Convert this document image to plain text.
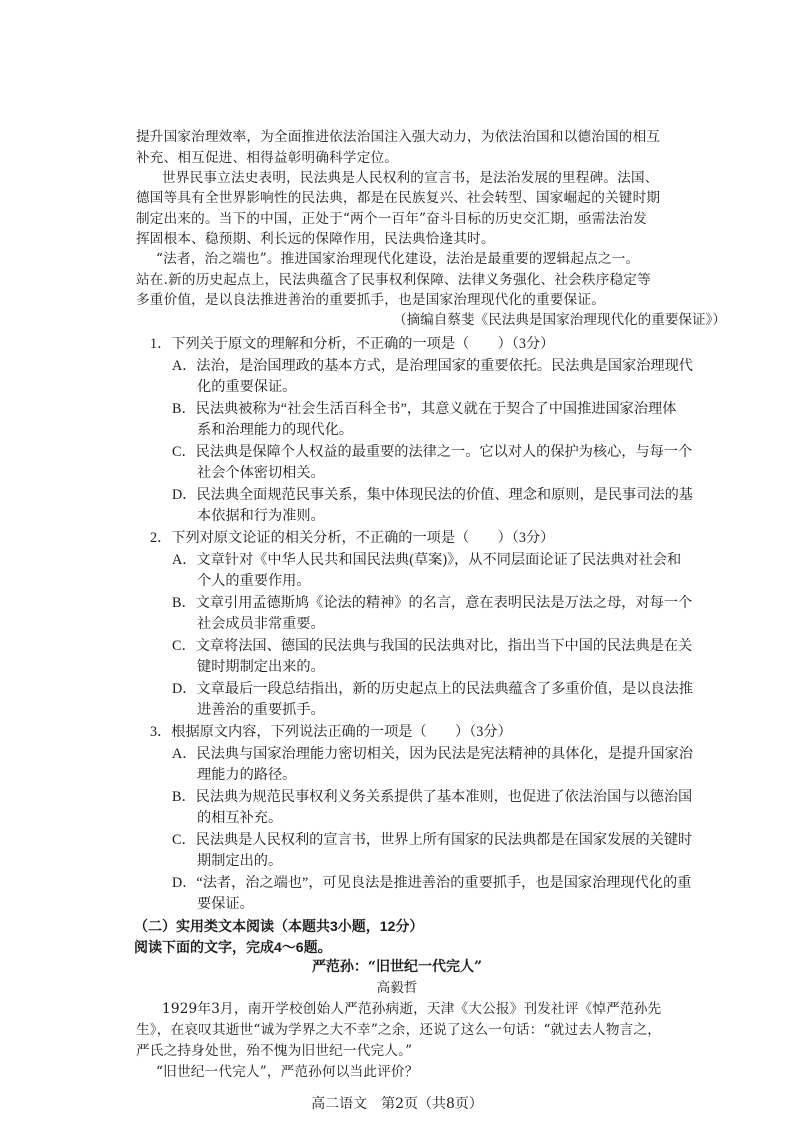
提升国家治理效率，为全面推进依法治国注入强大动力，为依法治国和以德治国的相互
补充、相互促进、相得益彰明确科学定位。
世界民事立法史表明，民法典是人民权利的宣言书，是法治发展的里程碑。法国、
德国等具有全世界影响性的民法典，都是在民族复兴、社会转型、国家崛起的关键时期
制定出来的。当下的中国，正处于“两个一百年”奋斗目标的历史交汇期，亟需法治发
挥固根本、稳预期、利长远的保障作用，民法典恰逢其时。
“法者，治之端也”。推进国家治理现代化建设，法治是最重要的逻辑起点之一。
站在.新的历史起点上，民法典蕴含了民事权利保障、法律义务强化、社会秩序稳定等
多重价值，是以良法推进善治的重要抓手，也是国家治理现代化的重要保证。
（摘编自蔡斐《民法典是国家治理现代化的重要保证》）
1．下列关于原文的理解和分析，不正确的一项是（　　）（3分）
A．法治，是治国理政的基本方式，是治理国家的重要依托。民法典是国家治理现代
化的重要保证。
B．民法典被称为“社会生活百科全书”，其意义就在于契合了中国推进国家治理体
系和治理能力的现代化。
C．民法典是保障个人权益的最重要的法律之一。它以对人的保护为核心，与每一个
社会个体密切相关。
D．民法典全面规范民事关系，集中体现民法的价值、理念和原则，是民事司法的基
本依据和行为准则。
2．下列对原文论证的相关分析，不正确的一项是（　　）（3分）
A．文章针对《中华人民共和国民法典(草案)》，从不同层面论证了民法典对社会和
个人的重要作用。
B．文章引用孟德斯鸠《论法的精神》的名言，意在表明民法是万法之母，对每一个
社会成员非常重要。
C．文章将法国、德国的民法典与我国的民法典对比，指出当下中国的民法典是在关
键时期制定出来的。
D．文章最后一段总结指出，新的历史起点上的民法典蕴含了多重价值，是以良法推
进善治的重要抓手。
3．根据原文内容，下列说法正确的一项是（　　）（3分）
A．民法典与国家治理能力密切相关，因为民法是宪法精神的具体化，是提升国家治
理能力的路径。
B．民法典为规范民事权利义务关系提供了基本准则，也促进了依法治国与以德治国
的相互补充。
C．民法典是人民权利的宣言书，世界上所有国家的民法典都是在国家发展的关键时
期制定出的。
D．“法者，治之端也”，可见良法是推进善治的重要抓手，也是国家治理现代化的重
要保证。
（二）实用类文本阅读（本题共3小题，12分）
阅读下面的文字，完成4～6题。
严范孙：“旧世纪一代完人”
高毅哲
1929年3月，南开学校创始人严范孙病逝，天津《大公报》刊发社评《悼严范孙先
生》，在哀叹其逝世“诚为学界之大不幸”之余，还说了这么一句话：“就过去人物言之，
严氏之持身处世，殆不愧为旧世纪一代完人。”
“旧世纪一代完人”，严范孙何以当此评价？
高二语文　第2页（共8页）
